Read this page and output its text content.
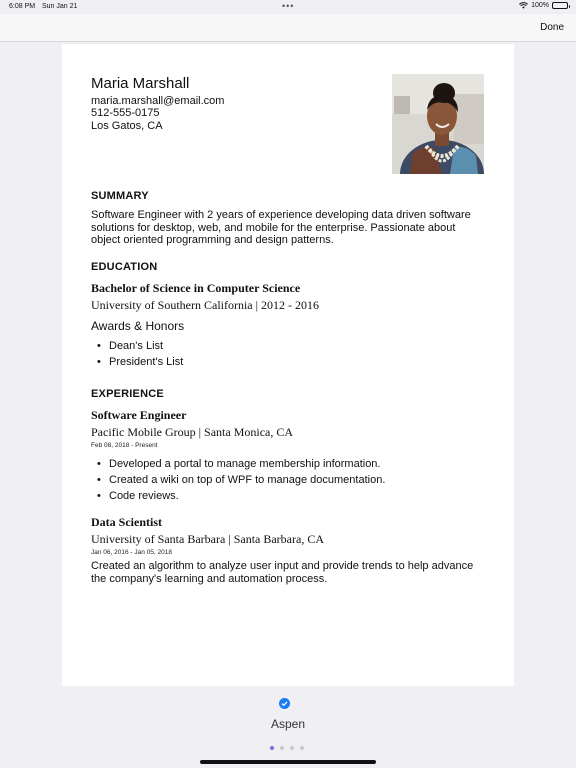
6:08 PM Sun Jan 21	•••	100%
Done
Maria Marshall
maria.marshall@email.com
512-555-0175
Los Gatos, CA
SUMMARY
Software Engineer with 2 years of experience developing data driven software solutions for desktop, web, and mobile for the enterprise. Passionate about object oriented programming and design patterns.
EDUCATION
Bachelor of Science in Computer Science
University of Southern California | 2012 - 2016
Awards & Honors
• Dean's List
• President's List
EXPERIENCE
Software Engineer
Pacific Mobile Group | Santa Monica, CA
Feb 08, 2018 - Present
• Developed a portal to manage membership information.
• Created a wiki on top of WPF to manage documentation.
• Code reviews.
Data Scientist
University of Santa Barbara | Santa Barbara, CA
Jan 06, 2016 - Jan 05, 2018
Created an algorithm to analyze user input and provide trends to help advance the company's learning and automation process.
Aspen
